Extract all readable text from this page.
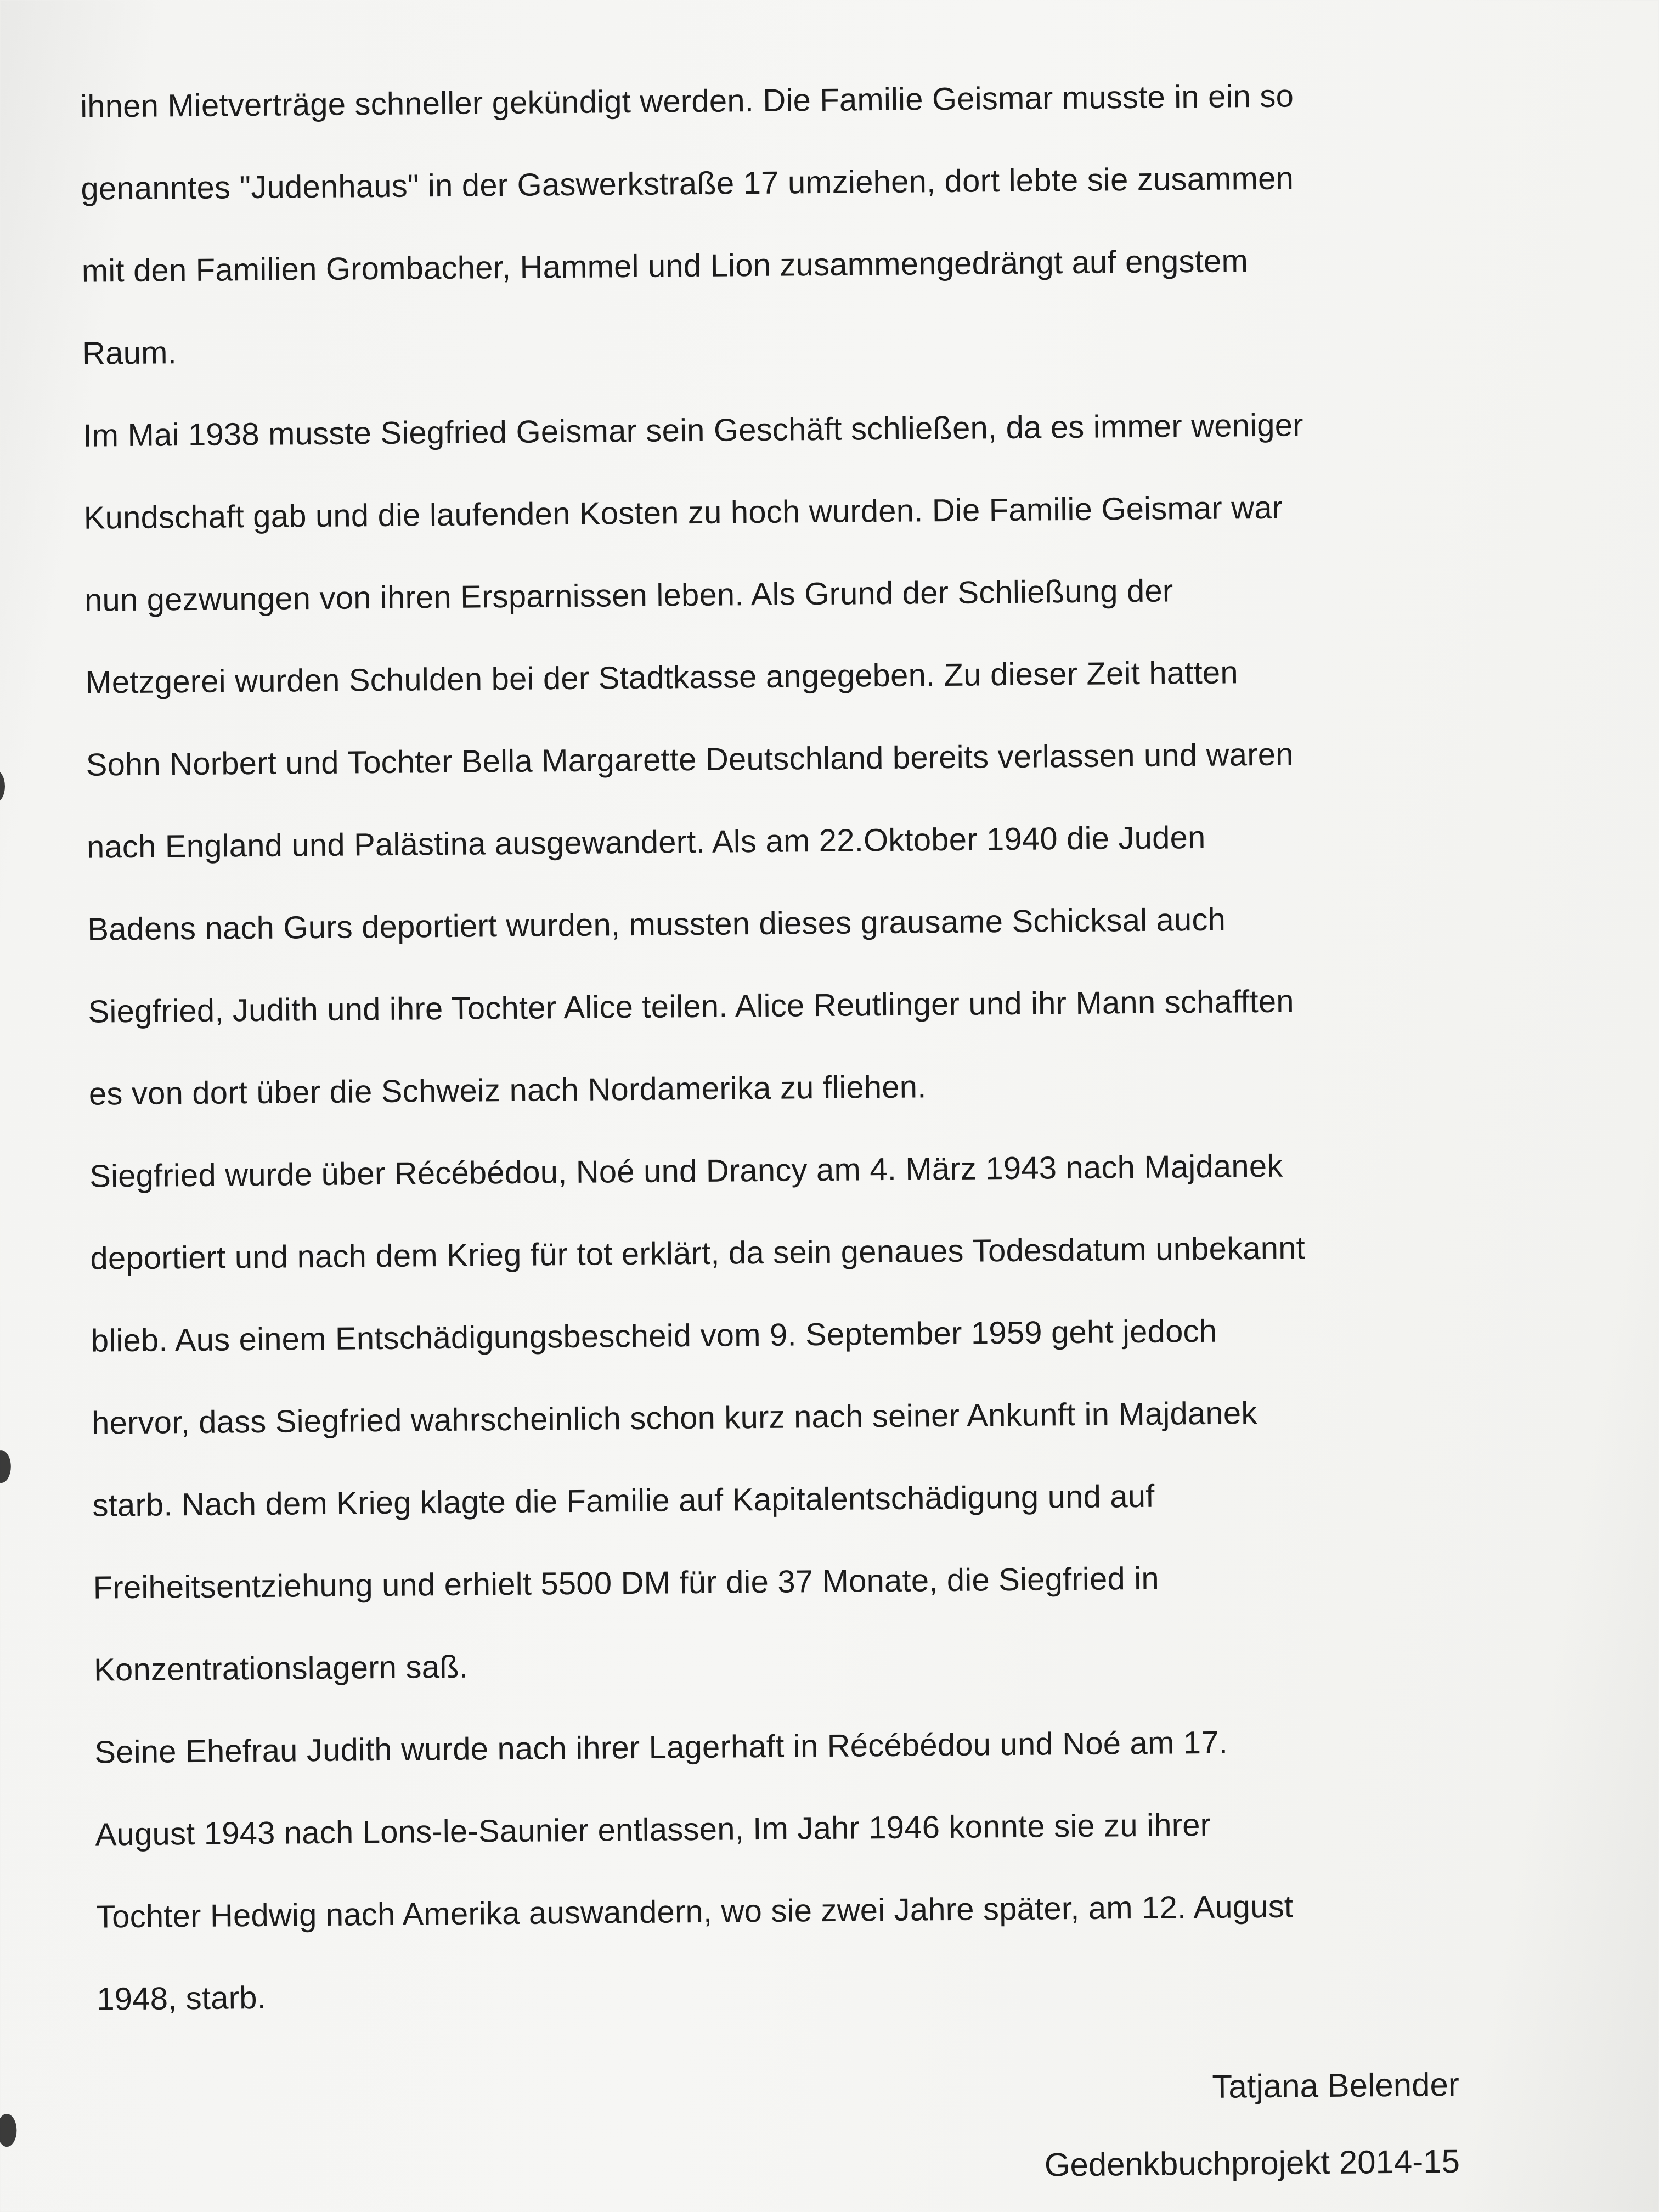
ihnen Mietverträge schneller gekündigt werden. Die Familie Geismar musste in ein so
genanntes "Judenhaus" in der Gaswerkstraße 17 umziehen, dort lebte sie zusammen
mit den Familien Grombacher, Hammel und Lion zusammengedrängt auf engstem
Raum.
Im Mai 1938 musste Siegfried Geismar sein Geschäft schließen, da es immer weniger
Kundschaft gab und die laufenden Kosten zu hoch wurden. Die Familie Geismar war
nun gezwungen von ihren Ersparnissen leben. Als Grund der Schließung der
Metzgerei wurden Schulden bei der Stadtkasse angegeben. Zu dieser Zeit hatten
Sohn Norbert und Tochter Bella Margarette Deutschland bereits verlassen und waren
nach England und Palästina ausgewandert. Als am 22.Oktober 1940 die Juden
Badens nach Gurs deportiert wurden, mussten dieses grausame Schicksal auch
Siegfried, Judith und ihre Tochter Alice teilen. Alice Reutlinger und ihr Mann schafften
es von dort über die Schweiz nach Nordamerika zu fliehen.
Siegfried wurde über Récébédou, Noé und Drancy am 4. März 1943 nach Majdanek
deportiert und nach dem Krieg für tot erklärt, da sein genaues Todesdatum unbekannt
blieb. Aus einem Entschädigungsbescheid vom 9. September 1959 geht jedoch
hervor, dass Siegfried wahrscheinlich schon kurz nach seiner Ankunft in Majdanek
starb. Nach dem Krieg klagte die Familie auf Kapitalentschädigung und auf
Freiheitsentziehung und erhielt 5500 DM für die 37 Monate, die Siegfried in
Konzentrationslagern saß.
Seine Ehefrau Judith wurde nach ihrer Lagerhaft in Récébédou und Noé am 17.
August 1943 nach Lons-le-Saunier entlassen, Im Jahr 1946 konnte sie zu ihrer
Tochter Hedwig nach Amerika auswandern, wo sie zwei Jahre später, am 12. August
1948, starb.
Tatjana Belender
Gedenkbuchprojekt 2014-15
